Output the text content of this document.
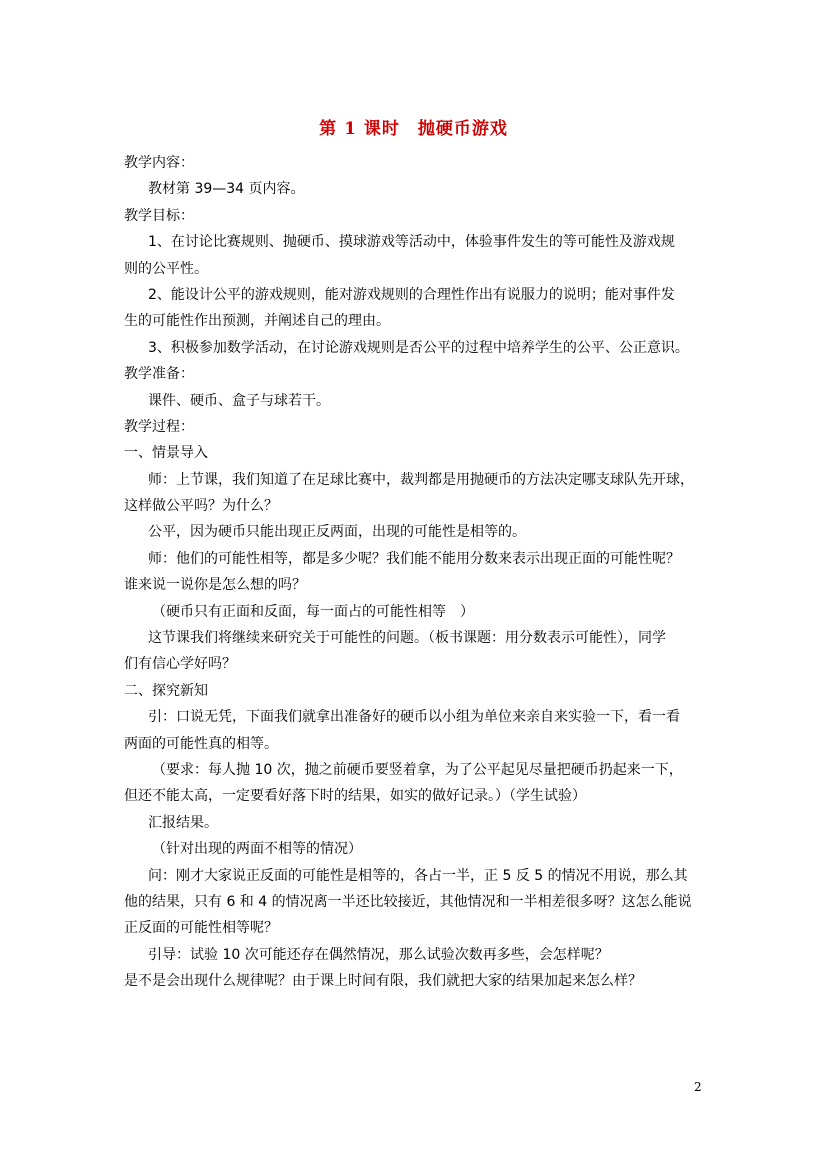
第 1 课时　抛硬币游戏
教学内容：
教材第 39—34 页内容。
教学目标：
1、在讨论比赛规则、抛硬币、摸球游戏等活动中，体验事件发生的等可能性及游戏规
则的公平性。
2、能设计公平的游戏规则，能对游戏规则的合理性作出有说服力的说明；能对事件发
生的可能性作出预测，并阐述自己的理由。
3、积极参加数学活动，在讨论游戏规则是否公平的过程中培养学生的公平、公正意识。
教学准备：
课件、硬币、盒子与球若干。
教学过程：
一、情景导入
师：上节课，我们知道了在足球比赛中，裁判都是用抛硬币的方法决定哪支球队先开球，
这样做公平吗？为什么？
公平，因为硬币只能出现正反两面，出现的可能性是相等的。
师：他们的可能性相等，都是多少呢？我们能不能用分数来表示出现正面的可能性呢？
谁来说一说你是怎么想的吗？
（硬币只有正面和反面，每一面占的可能性相等　）
这节课我们将继续来研究关于可能性的问题。（板书课题：用分数表示可能性），同学
们有信心学好吗？
二、探究新知
引：口说无凭，下面我们就拿出准备好的硬币以小组为单位来亲自来实验一下，看一看
两面的可能性真的相等。
（要求：每人抛 10 次，抛之前硬币要竖着拿，为了公平起见尽量把硬币扔起来一下，
但还不能太高，一定要看好落下时的结果，如实的做好记录。）（学生试验）
汇报结果。
（针对出现的两面不相等的情况）
问：刚才大家说正反面的可能性是相等的，各占一半，正 5 反 5 的情况不用说，那么其
他的结果，只有 6 和 4 的情况离一半还比较接近，其他情况和一半相差很多呀？这怎么能说
正反面的可能性相等呢？
引导：试验 10 次可能还存在偶然情况，那么试验次数再多些，会怎样呢？
是不是会出现什么规律呢？由于课上时间有限，我们就把大家的结果加起来怎么样？
2
